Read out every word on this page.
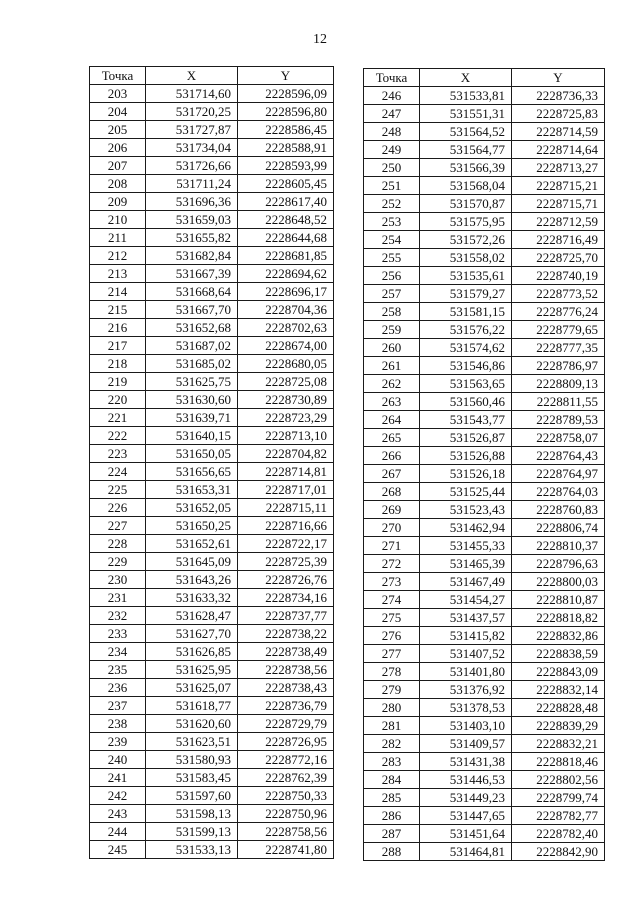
12
Точка	X	Y
203	531714,60	2228596,09
204	531720,25	2228596,80
205	531727,87	2228586,45
206	531734,04	2228588,91
207	531726,66	2228593,99
208	531711,24	2228605,45
209	531696,36	2228617,40
210	531659,03	2228648,52
211	531655,82	2228644,68
212	531682,84	2228681,85
213	531667,39	2228694,62
214	531668,64	2228696,17
215	531667,70	2228704,36
216	531652,68	2228702,63
217	531687,02	2228674,00
218	531685,02	2228680,05
219	531625,75	2228725,08
220	531630,60	2228730,89
221	531639,71	2228723,29
222	531640,15	2228713,10
223	531650,05	2228704,82
224	531656,65	2228714,81
225	531653,31	2228717,01
226	531652,05	2228715,11
227	531650,25	2228716,66
228	531652,61	2228722,17
229	531645,09	2228725,39
230	531643,26	2228726,76
231	531633,32	2228734,16
232	531628,47	2228737,77
233	531627,70	2228738,22
234	531626,85	2228738,49
235	531625,95	2228738,56
236	531625,07	2228738,43
237	531618,77	2228736,79
238	531620,60	2228729,79
239	531623,51	2228726,95
240	531580,93	2228772,16
241	531583,45	2228762,39
242	531597,60	2228750,33
243	531598,13	2228750,96
244	531599,13	2228758,56
245	531533,13	2228741,80
Точка	X	Y
246	531533,81	2228736,33
247	531551,31	2228725,83
248	531564,52	2228714,59
249	531564,77	2228714,64
250	531566,39	2228713,27
251	531568,04	2228715,21
252	531570,87	2228715,71
253	531575,95	2228712,59
254	531572,26	2228716,49
255	531558,02	2228725,70
256	531535,61	2228740,19
257	531579,27	2228773,52
258	531581,15	2228776,24
259	531576,22	2228779,65
260	531574,62	2228777,35
261	531546,86	2228786,97
262	531563,65	2228809,13
263	531560,46	2228811,55
264	531543,77	2228789,53
265	531526,87	2228758,07
266	531526,88	2228764,43
267	531526,18	2228764,97
268	531525,44	2228764,03
269	531523,43	2228760,83
270	531462,94	2228806,74
271	531455,33	2228810,37
272	531465,39	2228796,63
273	531467,49	2228800,03
274	531454,27	2228810,87
275	531437,57	2228818,82
276	531415,82	2228832,86
277	531407,52	2228838,59
278	531401,80	2228843,09
279	531376,92	2228832,14
280	531378,53	2228828,48
281	531403,10	2228839,29
282	531409,57	2228832,21
283	531431,38	2228818,46
284	531446,53	2228802,56
285	531449,23	2228799,74
286	531447,65	2228782,77
287	531451,64	2228782,40
288	531464,81	2228842,90
